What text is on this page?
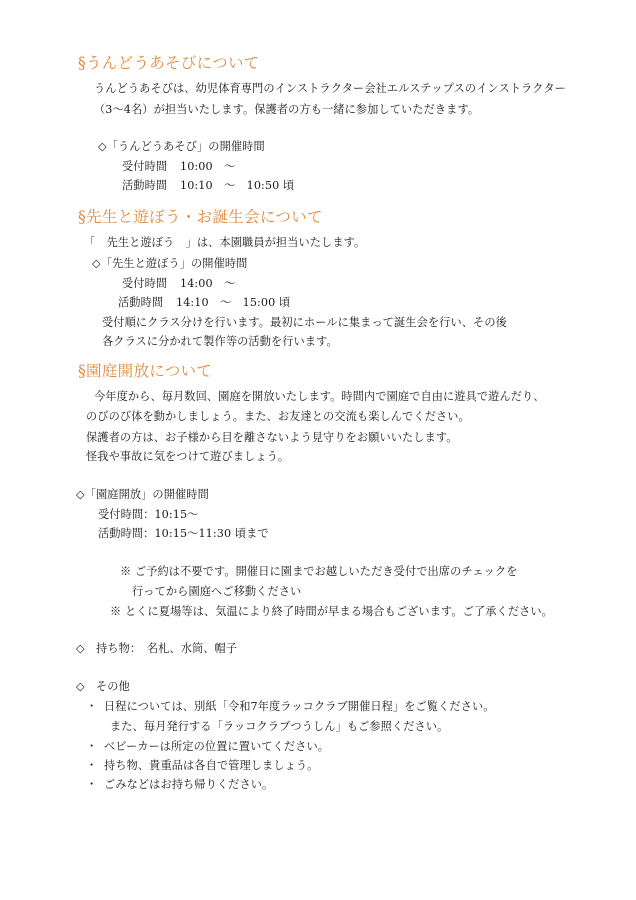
§うんどうあそびについて
うんどうあそびは、幼児体育専門のインストラクター会社エルステップスのインストラクター
（3～4名）が担当いたします。保護者の方も一緒に参加していただきます。
◇「うんどうあそび」の開催時間
受付時間 10:00　～
活動時間 10:10　～　10:50 頃
§先生と遊ぼう・お誕生会について
「　先生と遊ぼう　」は、本園職員が担当いたします。
◇「先生と遊ぼう」の開催時間
受付時間 14:00　～
活動時間 14:10　～　15:00 頃
受付順にクラス分けを行います。最初にホールに集まって誕生会を行い、その後
各クラスに分かれて製作等の活動を行います。
§園庭開放について
今年度から、毎月数回、園庭を開放いたします。時間内で園庭で自由に遊具で遊んだり、
のびのび体を動かしましょう。また、お友達との交流も楽しんでください。
保護者の方は、お子様から目を離さないよう見守りをお願いいたします。
怪我や事故に気をつけて遊びましょう。
◇「園庭開放」の開催時間
受付時間：10:15～
活動時間：10:15～11:30 頃まで
※ ご予約は不要です。開催日に園までお越しいただき受付で出席のチェックを
行ってから園庭へご移動ください
※ とくに夏場等は、気温により終了時間が早まる場合もございます。ご了承ください。
◇　持ち物：　名札、水筒、帽子
◇　その他
・ 日程については、別紙「令和7年度ラッコクラブ開催日程」をご覧ください。
また、毎月発行する「ラッコクラブつうしん」もご参照ください。
・ ベビーカーは所定の位置に置いてください。
・ 持ち物、貴重品は各自で管理しましょう。
・ ごみなどはお持ち帰りください。
